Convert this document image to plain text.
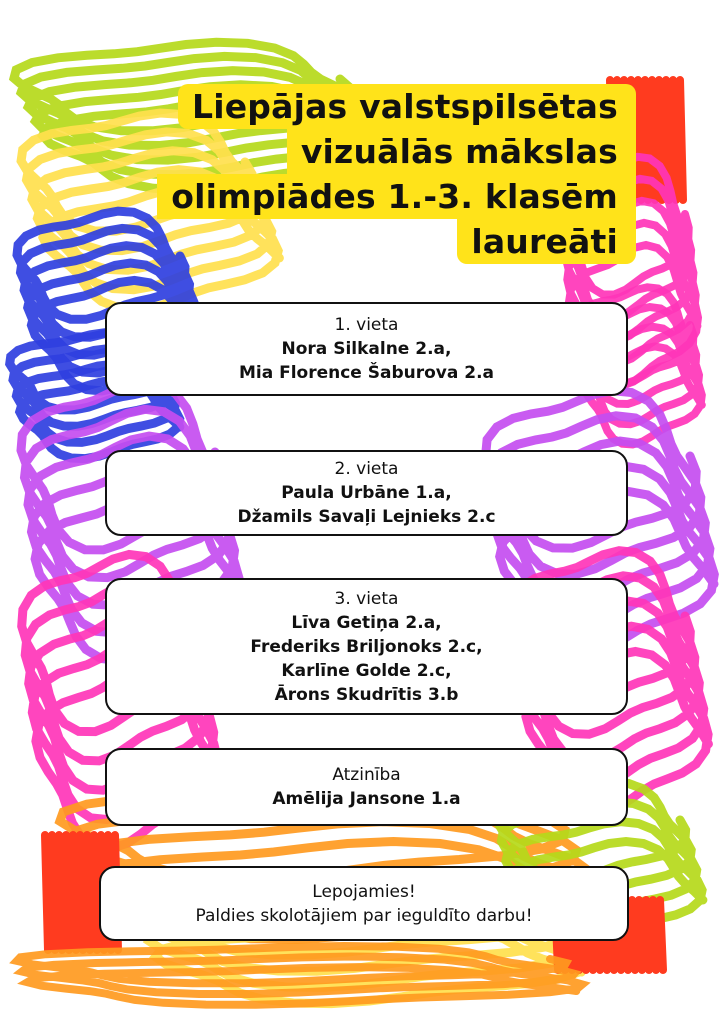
Liepājas valstspilsētas
vizuālās mākslas
olimpiādes 1.-3. klasēm
laureāti
1. vieta
Nora Silkalne 2.a,
Mia Florence Šaburova 2.a
2. vieta
Paula Urbāne 1.a,
Džamils Savaļi Lejnieks 2.c
3. vieta
Līva Getiņa 2.a,
Frederiks Briljonoks 2.c,
Karlīne Golde 2.c,
Ārons Skudrītis 3.b
Atzinība
Amēlija Jansone 1.a
Lepojamies!
Paldies skolotājiem par ieguldīto darbu!
